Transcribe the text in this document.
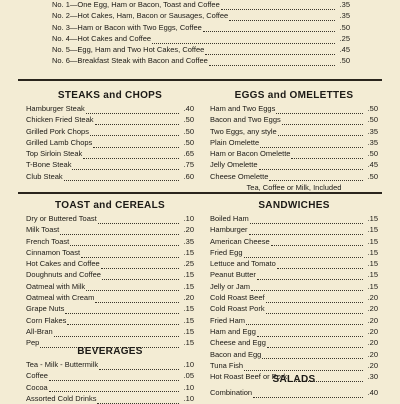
No. 1—One Egg, Ham or Bacon, Toast and Coffee	.35
No. 2—Hot Cakes, Ham, Bacon or Sausages, Coffee	.35
No. 3—Ham or Bacon with Two Eggs, Coffee	.50
No. 4—Hot Cakes and Coffee	.25
No. 5—Egg, Ham and Two Hot Cakes, Coffee	.45
No. 6—Breakfast Steak with Bacon and Coffee	.50
STEAKS and CHOPS
Hamburger Steak	.40
Chicken Fried Steak	.50
Grilled Pork Chops	.50
Grilled Lamb Chops	.50
Top Sirloin Steak	.65
T-Bone Steak	.75
Club Steak	.60
EGGS and OMELETTES
Ham and Two Eggs	.50
Bacon and Two Eggs	.50
Two Eggs, any style	.35
Plain Omelette	.35
Ham or Bacon Omelette	.50
Jelly Omelette	.45
Cheese Omelette	.50
Tea, Coffee or Milk, Included
TOAST and CEREALS
Dry or Buttered Toast	.10
Milk Toast	.20
French Toast	.35
Cinnamon Toast	.15
Hot Cakes and Coffee	.25
Doughnuts and Coffee	.15
Oatmeal with Milk	.15
Oatmeal with Cream	.20
Grape Nuts	.15
Corn Flakes	.15
All-Bran	.15
Pep	.15
SANDWICHES
Boiled Ham	.15
Hamburger	.15
American Cheese	.15
Fried Egg	.15
Lettuce and Tomato	.15
Peanut Butter	.15
Jelly or Jam	.15
Cold Roast Beef	.20
Cold Roast Pork	.20
Fried Ham	.20
Ham and Egg	.20
Cheese and Egg	.20
Bacon and Egg	.20
Tuna Fish	.20
Hot Roast Beef or Pork	.30
BEVERAGES
Tea - Milk - Buttermilk	.10
Coffee	.05
Cocoa	.10
Assorted Cold Drinks	.10
SALADS
Combination	.40
